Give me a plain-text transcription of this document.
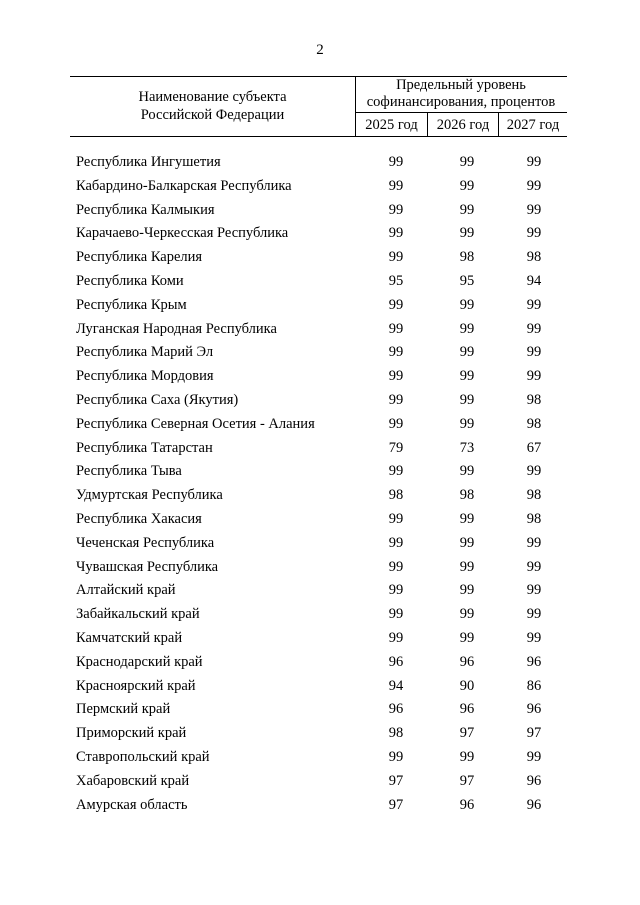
2
Наименование субъекта
Российской Федерации
Предельный уровень
софинансирования, процентов
2025 год	2026 год	2027 год
Республика Ингушетия	99	99	99
Кабардино-Балкарская Республика	99	99	99
Республика Калмыкия	99	99	99
Карачаево-Черкесская Республика	99	99	99
Республика Карелия	99	98	98
Республика Коми	95	95	94
Республика Крым	99	99	99
Луганская Народная Республика	99	99	99
Республика Марий Эл	99	99	99
Республика Мордовия	99	99	99
Республика Саха (Якутия)	99	99	98
Республика Северная Осетия - Алания	99	99	98
Республика Татарстан	79	73	67
Республика Тыва	99	99	99
Удмуртская Республика	98	98	98
Республика Хакасия	99	99	98
Чеченская Республика	99	99	99
Чувашская Республика	99	99	99
Алтайский край	99	99	99
Забайкальский край	99	99	99
Камчатский край	99	99	99
Краснодарский край	96	96	96
Красноярский край	94	90	86
Пермский край	96	96	96
Приморский край	98	97	97
Ставропольский край	99	99	99
Хабаровский край	97	97	96
Амурская область	97	96	96
